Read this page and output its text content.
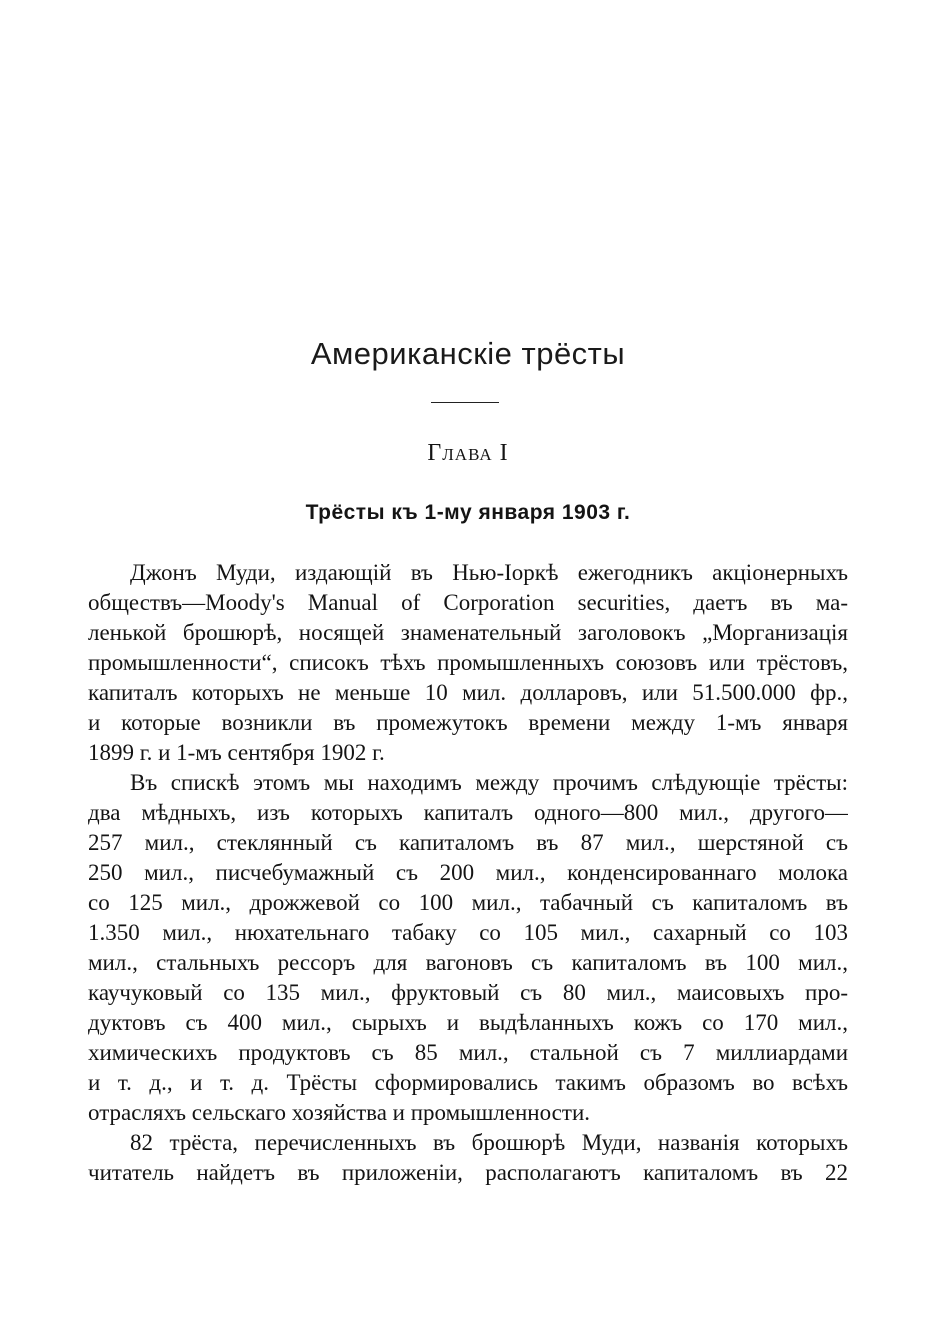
Американскіе трёсты
Глава I
Трёсты къ 1-му января 1903 г.
Джонъ Муди, издающій въ Нью-Іоркѣ ежегодникъ акціонерныхъ
обществъ—Moody's Manual of Corporation securities, даетъ въ ма-
ленькой брошюрѣ, носящей знаменательный заголовокъ „Морганизація
промышленности“, списокъ тѣхъ промышленныхъ союзовъ или трёстовъ,
капиталъ которыхъ не меньше 10 мил. долларовъ, или 51.500.000 фр.,
и которые возникли въ промежутокъ времени между 1-мъ января
1899 г. и 1-мъ сентября 1902 г.
Въ спискѣ этомъ мы находимъ между прочимъ слѣдующіе трёсты:
два мѣдныхъ, изъ которыхъ капиталъ одного—800 мил., другого—
257 мил., стеклянный съ капиталомъ въ 87 мил., шерстяной съ
250 мил., писчебумажный съ 200 мил., конденсированнаго молока
со 125 мил., дрожжевой со 100 мил., табачный съ капиталомъ въ
1.350 мил., нюхательнаго табаку со 105 мил., сахарный со 103
мил., стальныхъ рессоръ для вагоновъ съ капиталомъ въ 100 мил.,
каучуковый со 135 мил., фруктовый съ 80 мил., маисовыхъ про-
дуктовъ съ 400 мил., сырыхъ и выдѣланныхъ кожъ со 170 мил.,
химическихъ продуктовъ съ 85 мил., стальной съ 7 миллиардами
и т. д., и т. д. Трёсты сформировались такимъ образомъ во всѣхъ
отрасляхъ сельскаго хозяйства и промышленности.
82 трёста, перечисленныхъ въ брошюрѣ Муди, названія которыхъ
читатель найдетъ въ приложеніи, располагаютъ капиталомъ въ 22
